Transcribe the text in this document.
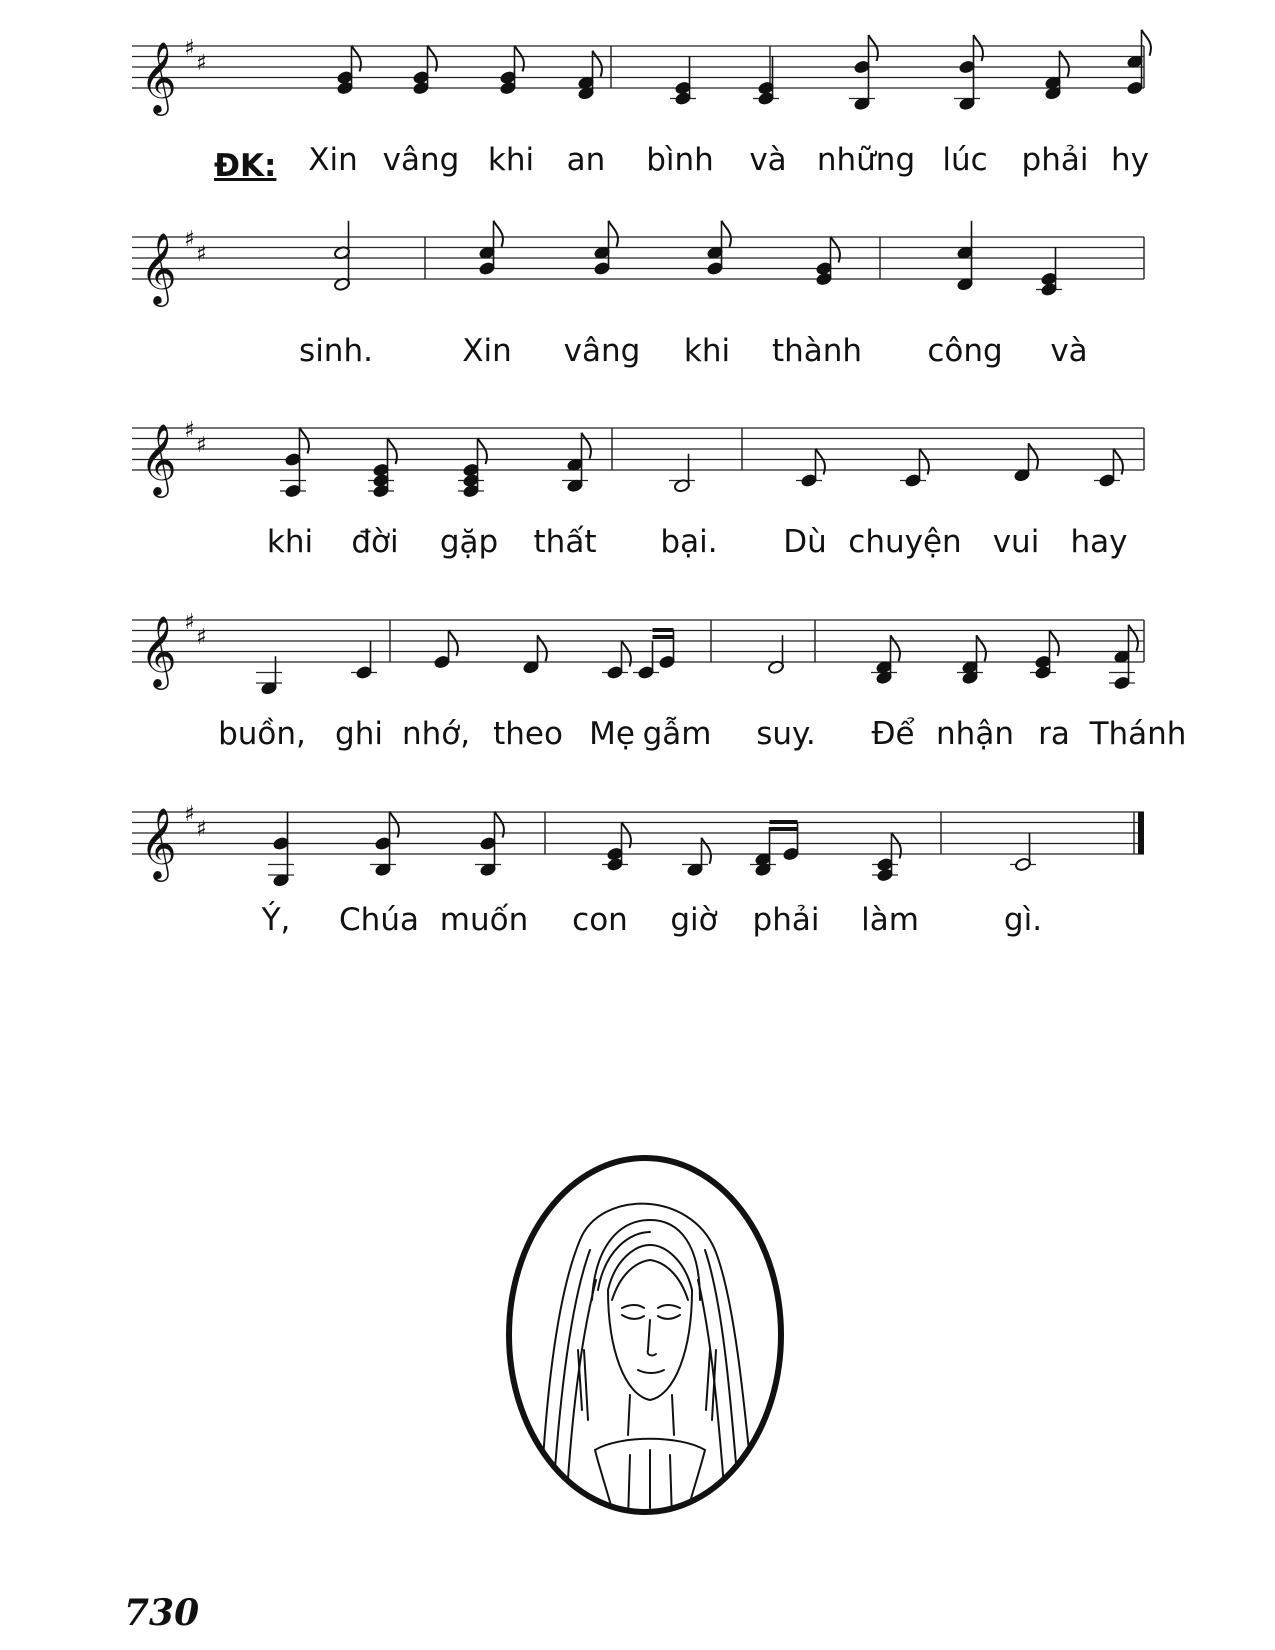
𝄞 ♯
♯
𝄞 ♯
♯
𝄞 ♯
♯
𝄞 ♯
♯
𝄞 ♯
♯
Xin vâng khi an bình và những lúc phải hy
sinh.	Xin vâng khi thành công và
khi đời gặp thất bại. Dù chuyện vui hay
buồn, ghi nhớ, theo Mẹ gẫm suy. Để nhận ra Thánh
Ý, Chúa muốn con giờ phải làm	gì.
ĐK:
730
